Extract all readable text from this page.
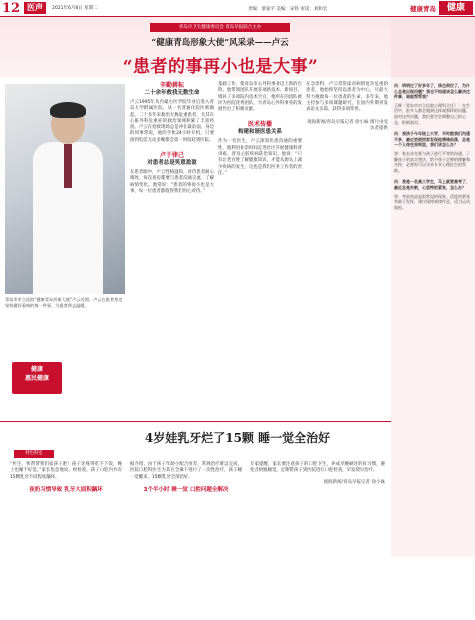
12 医声	2021年6月8日 星期二	责编：梁家平 美编：宋铁 审读：刘和宏	健康青岛	健康
青岛市卫生健康委员会 青岛早报联合主办
“健康青岛形象大使”风采录——卢云
“患者的事再小也是大事”

问：明明过了好多年了，钱也到位了，为什么总是出现问题？我也不知道该怎么解决这件事，谁能帮帮我？

王辉（青岛市市立医院心理科主任）：在生活中，很多人都会遇到这样或那样的问题，面对这些问题，我们要学会调整自己的心态，积极面对。

问：我孩子今年刚上大学，平时跟我们沟通不多，最近放假回家发现他情绪低落，总是一个人待在房间里，我们该怎么办？

答：家长首先要与孩子进行平等的沟通，了解孩子的真实想法，给予孩子足够的理解和支持，必要时可以寻求专业心理医生的帮助。

问：我是一名高三学生，马上就要高考了，最近总是失眠，心里特别紧张，怎么办？

答：考前焦虑是很常见的现象，适度的紧张有助于发挥，建议保持规律作息，适当运动放松。

青岛市市立医院“健康青岛形象大使”卢云近照。卢云在患者身边坚持做好看病的每一件事，为患者带去温暖。

健康
惠民健康
辛勤耕耘
二十余年救我无数生命

卢云1995年从内蒙古医学院毕业后进入青岛大学附属医院，从一名普通住院医师做起，二十多年来救治无数危重患者，尤其在心脏外科危重症的救治领域积累了丰富经验。卢云在抢救现场总是冲在最前面，身边的同事常说，他的手机24小时开机，只要接到电话无论多晚都会第一时间赶到医院。

卢于律己
对患者总是笑意盈盈

在患者眼中，卢云性格温和，对待患者耐心细致，每次查房都要与患者沟通交流，了解病情变化。他常说：“患者的事再小也是大事，每一位患者都值得我们用心对待。”

基础工作，使青岛市心外科事业迈上新的台阶。他带领团队开展多项新技术、新项目，填补了多项院内技术空白，他所在的团队被评为医院优秀团队，为青岛心外科事业的发展作出了积极贡献。

医术传播
构建和谐医患关系

作为一名医生，卢云深知医患沟通的重要性，他利用业余时间走进社区开展健康科普讲座，普及心脏疾病防治知识。他说：“只有让老百姓了解健康知识，才能从源头上减少疾病的发生，这也是我们医务工作者的责任。”

在急诊科，卢云常常面对病情复杂危重的患者，他始终坚持以患者为中心，尽最大努力挽救每一位患者的生命。多年来，他主持参与多项课题研究，在国内外期刊发表论文多篇，获得多项荣誉。

观海新闻/青岛早报记者 徐小妹 图片由受访者提供

4岁娃乳牙烂了15颗 睡一觉全治好
特色科室

“医生，快帮帮我们家孩子吧！孩子牙疼得吃不下饭，晚上也睡不好觉。”家长焦急地说。经检查，孩子口腔内共有15颗乳牙不同程度龋坏。

夜奶习惯导致 乳牙大面积龋坏

据介绍，由于孩子年龄小配合度差，常规治疗难以完成，医院口腔科医生为其在全麻下进行了一次性治疗，孩子睡一觉醒来，15颗乳牙全部治好。

3个半小时 睡一觉 口腔问题全解决

专家提醒，家长要注意孩子的口腔卫生，养成早晚刷牙的好习惯，避免含奶瓶睡觉，定期带孩子到医院进行口腔检查，早发现早治疗。

观海新闻/青岛早报记者 徐小妹
